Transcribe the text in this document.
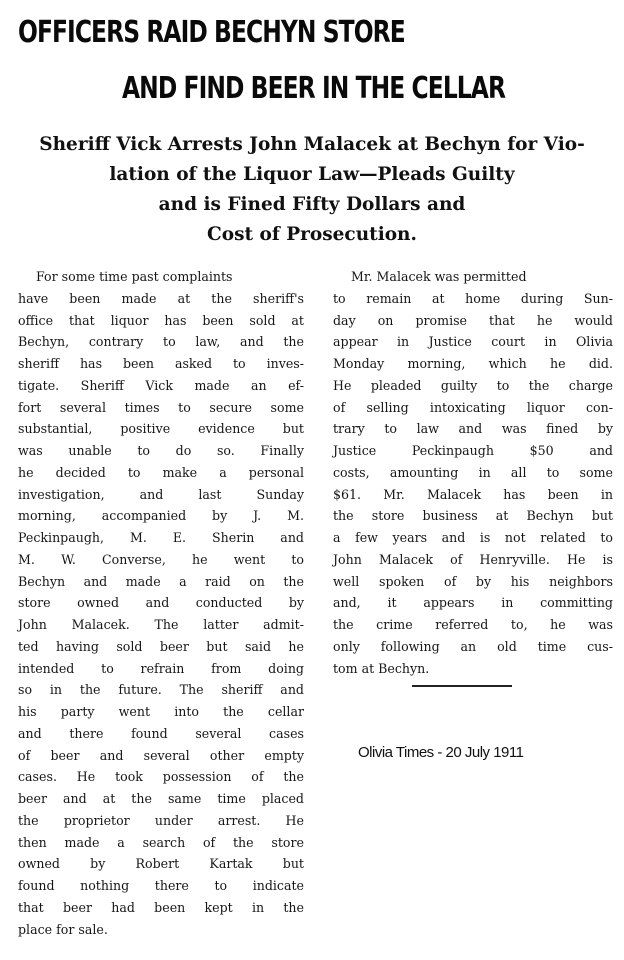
OFFICERS RAID BECHYN STORE
AND FIND BEER IN THE CELLAR
Sheriff Vick Arrests John Malacek at Bechyn for Vio-
lation of the Liquor Law—Pleads Guilty
and is Fined Fifty Dollars and
Cost of Prosecution.
For some time past complaints
have been made at the sheriff's
office that liquor has been sold at
Bechyn, contrary to law, and the
sheriff has been asked to inves-
tigate. Sheriff Vick made an ef-
fort several times to secure some
substantial, positive evidence but
was unable to do so. Finally
he decided to make a personal
investigation, and last Sunday
morning, accompanied by J. M.
Peckinpaugh, M. E. Sherin and
M. W. Converse, he went to
Bechyn and made a raid on the
store owned and conducted by
John Malacek. The latter admit-
ted having sold beer but said he
intended to refrain from doing
so in the future. The sheriff and
his party went into the cellar
and there found several cases
of beer and several other empty
cases. He took possession of the
beer and at the same time placed
the proprietor under arrest. He
then made a search of the store
owned by Robert Kartak but
found nothing there to indicate
that beer had been kept in the
place for sale.
Mr. Malacek was permitted
to remain at home during Sun-
day on promise that he would
appear in Justice court in Olivia
Monday morning, which he did.
He pleaded guilty to the charge
of selling intoxicating liquor con-
trary to law and was fined by
Justice Peckinpaugh $50 and
costs, amounting in all to some
$61. Mr. Malacek has been in
the store business at Bechyn but
a few years and is not related to
John Malacek of Henryville. He is
well spoken of by his neighbors
and, it appears in committing
the crime referred to, he was
only following an old time cus-
tom at Bechyn.
Olivia Times - 20 July 1911
